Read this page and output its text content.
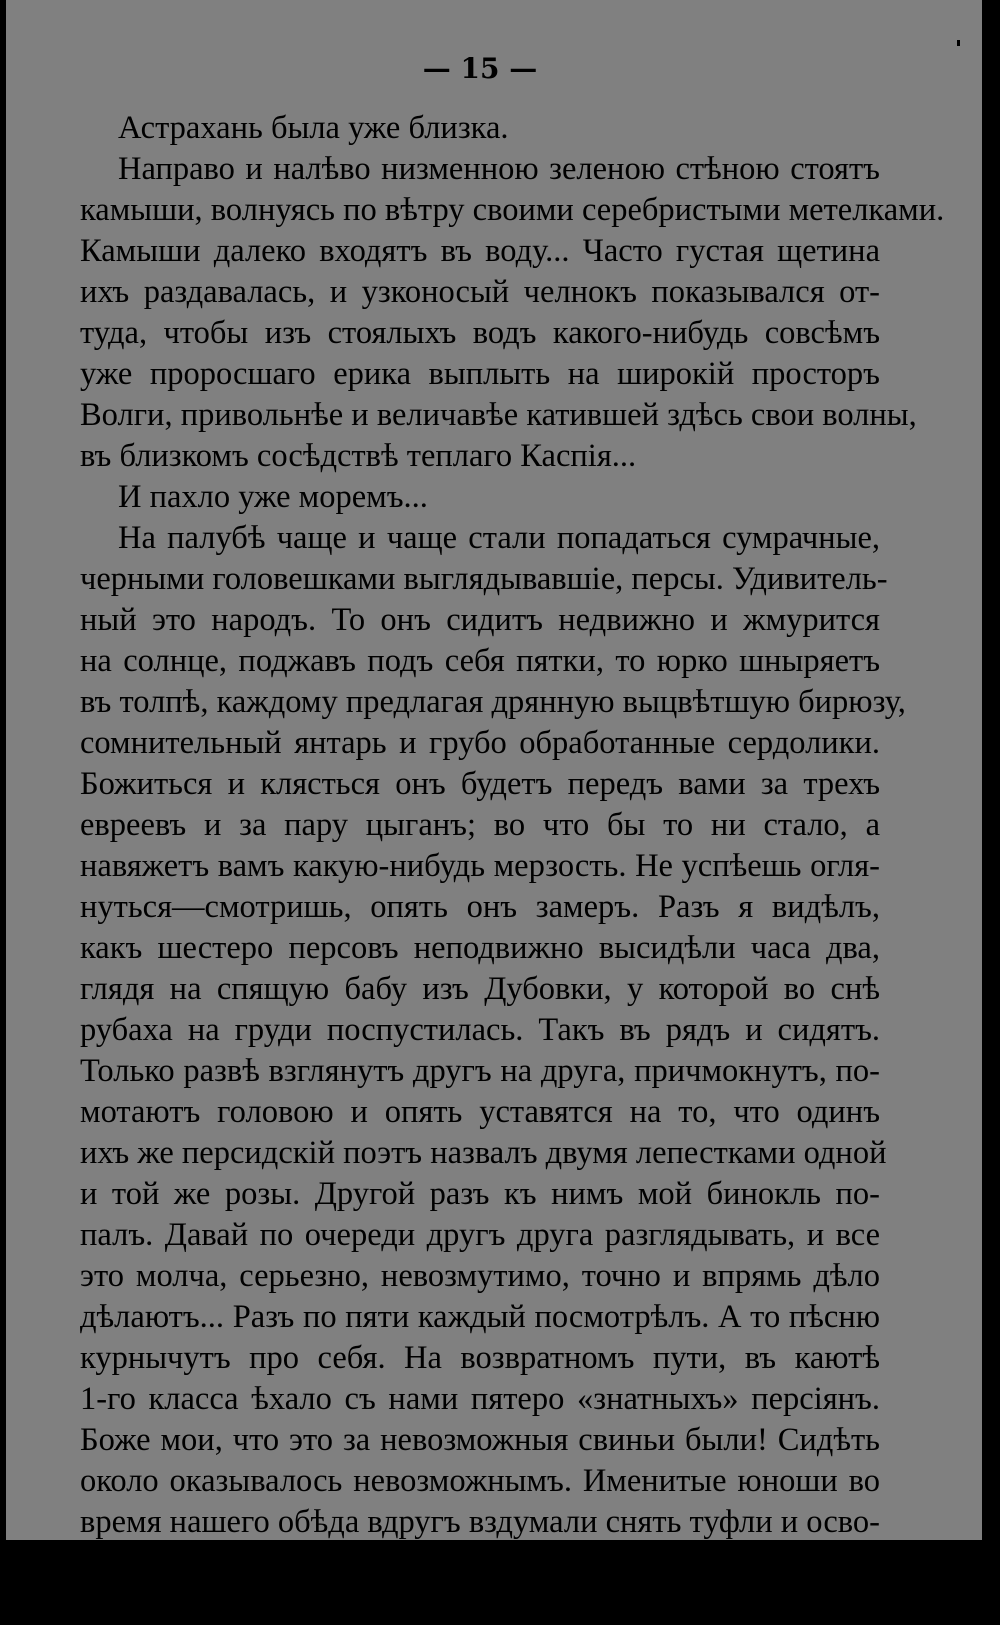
— 15 —

Астрахань была уже близка.
Направо и налѣво низменною зеленою стѣною стоятъ
камыши, волнуясь по вѣтру своими серебристыми метелками.
Камыши далеко входятъ въ воду... Часто густая щетина
ихъ раздавалась, и узконосый челнокъ показывался от-
туда, чтобы изъ стоялыхъ водъ какого-нибудь совсѣмъ
уже проросшаго ерика выплыть на широкій просторъ
Волги, привольнѣе и величавѣе катившей здѣсь свои волны,
въ близкомъ сосѣдствѣ теплаго Каспія...
И пахло уже моремъ...
На палубѣ чаще и чаще стали попадаться сумрачные,
черными головешками выглядывавшіе, персы. Удивитель-
ный это народъ. То онъ сидитъ недвижно и жмурится
на солнце, поджавъ подъ себя пятки, то юрко шныряетъ
въ толпѣ, каждому предлагая дрянную выцвѣтшую бирюзу,
сомнительный янтарь и грубо обработанные сердолики.
Божиться и клясться онъ будетъ передъ вами за трехъ
евреевъ и за пару цыганъ; во что бы то ни стало, а
навяжетъ вамъ какую-нибудь мерзость. Не успѣешь огля-
нуться—смотришь, опять онъ замеръ. Разъ я видѣлъ,
какъ шестеро персовъ неподвижно высидѣли часа два,
глядя на спящую бабу изъ Дубовки, у которой во снѣ
рубаха на груди поспустилась. Такъ въ рядъ и сидятъ.
Только развѣ взглянутъ другъ на друга, причмокнутъ, по-
мотаютъ головою и опять уставятся на то, что одинъ
ихъ же персидскій поэтъ назвалъ двумя лепестками одной
и той же розы. Другой разъ къ нимъ мой бинокль по-
палъ. Давай по очереди другъ друга разглядывать, и все
это молча, серьезно, невозмутимо, точно и впрямь дѣло
дѣлаютъ... Разъ по пяти каждый посмотрѣлъ. А то пѣсню
курнычутъ про себя. На возвратномъ пути, въ каютѣ
1-го класса ѣхало съ нами пятеро «знатныхъ» персіянъ.
Боже мои, что это за невозможныя свиньи были! Сидѣть
около оказывалось невозможнымъ. Именитые юноши во
время нашего обѣда вдругъ вздумали снять туфли и осво-
бодить свои ноги отъ чулокъ. И вѣдь видятъ, что дру-
гимъ противно, а сами ни съ мѣста, точно и впрямь
